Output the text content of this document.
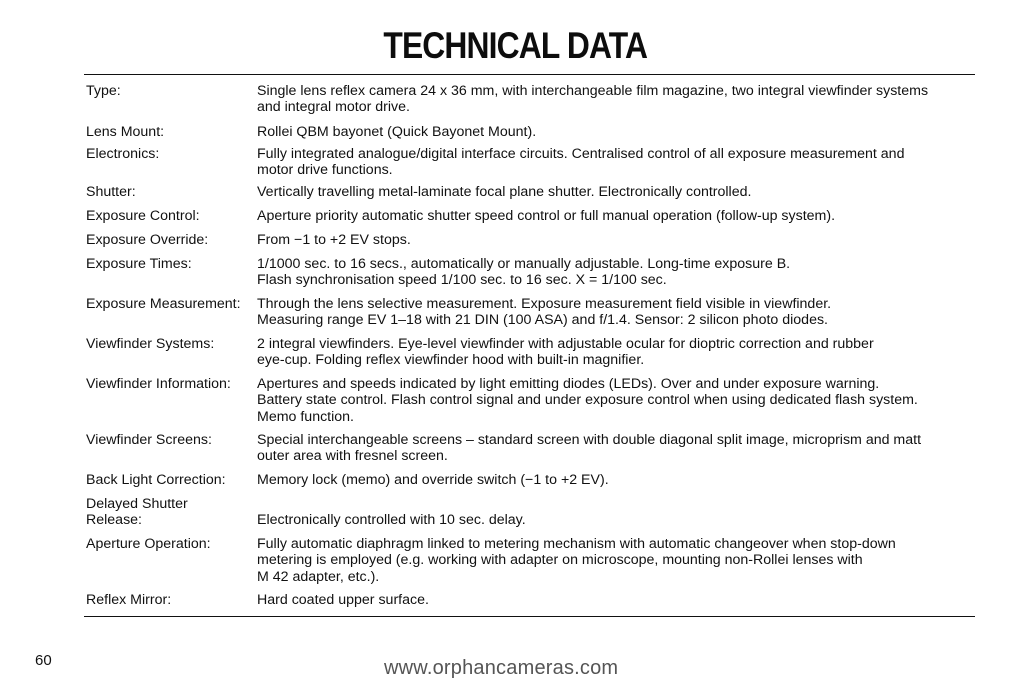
TECHNICAL DATA
Type:	Single lens reflex camera 24 x 36 mm, with interchangeable film magazine, two integral viewfinder systems
and integral motor drive.
Lens Mount:	Rollei QBM bayonet (Quick Bayonet Mount).
Electronics:	Fully integrated analogue/digital interface circuits. Centralised control of all exposure measurement and
motor drive functions.
Shutter:	Vertically travelling metal-laminate focal plane shutter. Electronically controlled.
Exposure Control:	Aperture priority automatic shutter speed control or full manual operation (follow-up system).
Exposure Override:	From −1 to +2 EV stops.
Exposure Times:	1/1000 sec. to 16 secs., automatically or manually adjustable. Long-time exposure B.
Flash synchronisation speed 1/100 sec. to 16 sec. X = 1/100 sec.
Exposure Measurement:	Through the lens selective measurement. Exposure measurement field visible in viewfinder.
Measuring range EV 1–18 with 21 DIN (100 ASA) and f/1.4. Sensor: 2 silicon photo diodes.
Viewfinder Systems:	2 integral viewfinders. Eye-level viewfinder with adjustable ocular for dioptric correction and rubber
eye-cup. Folding reflex viewfinder hood with built-in magnifier.
Viewfinder Information:	Apertures and speeds indicated by light emitting diodes (LEDs). Over and under exposure warning.
Battery state control. Flash control signal and under exposure control when using dedicated flash system.
Memo function.
Viewfinder Screens:	Special interchangeable screens – standard screen with double diagonal split image, microprism and matt
outer area with fresnel screen.
Back Light Correction:	Memory lock (memo) and override switch (−1 to +2 EV).
Delayed Shutter Release:	Electronically controlled with 10 sec. delay.
Aperture Operation:	Fully automatic diaphragm linked to metering mechanism with automatic changeover when stop-down
metering is employed (e.g. working with adapter on microscope, mounting non-Rollei lenses with
M 42 adapter, etc.).
Reflex Mirror:	Hard coated upper surface.
60	www.orphancameras.com
